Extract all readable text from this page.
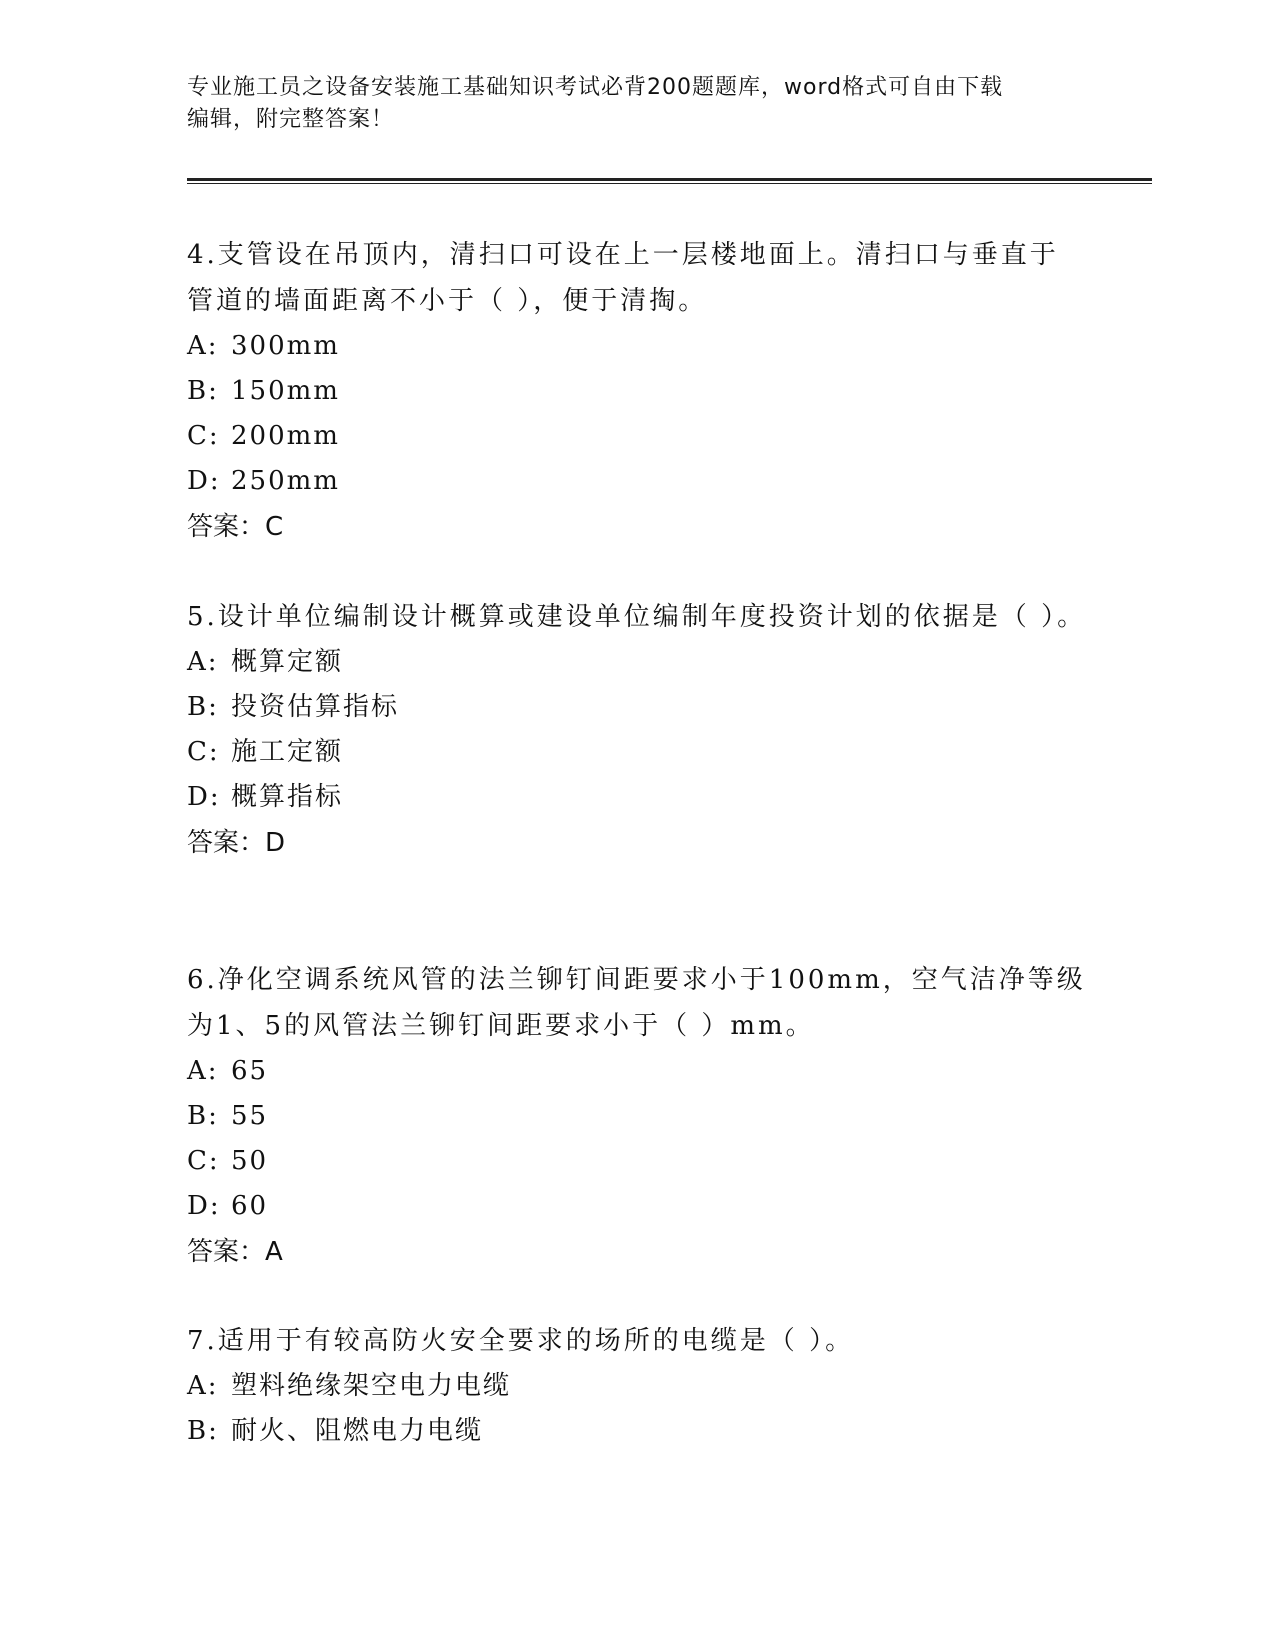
专业施工员之设备安装施工基础知识考试必背200题题库，word格式可自由下载
编辑，附完整答案！

4.支管设在吊顶内，清扫口可设在上一层楼地面上。清扫口与垂直于管道的墙面距离不小于（ ），便于清掏。

A: 300mm

B: 150mm

C: 200mm

D: 250mm

答案：C

5.设计单位编制设计概算或建设单位编制年度投资计划的依据是（ ）。

A: 概算定额

B: 投资估算指标

C: 施工定额

D: 概算指标

答案：D

6.净化空调系统风管的法兰铆钉间距要求小于100mm，空气洁净等级为1、5的风管法兰铆钉间距要求小于（ ）mm。

A: 65

B: 55

C: 50

D: 60

答案：A

7.适用于有较高防火安全要求的场所的电缆是（ ）。

A: 塑料绝缘架空电力电缆

B: 耐火、阻燃电力电缆
